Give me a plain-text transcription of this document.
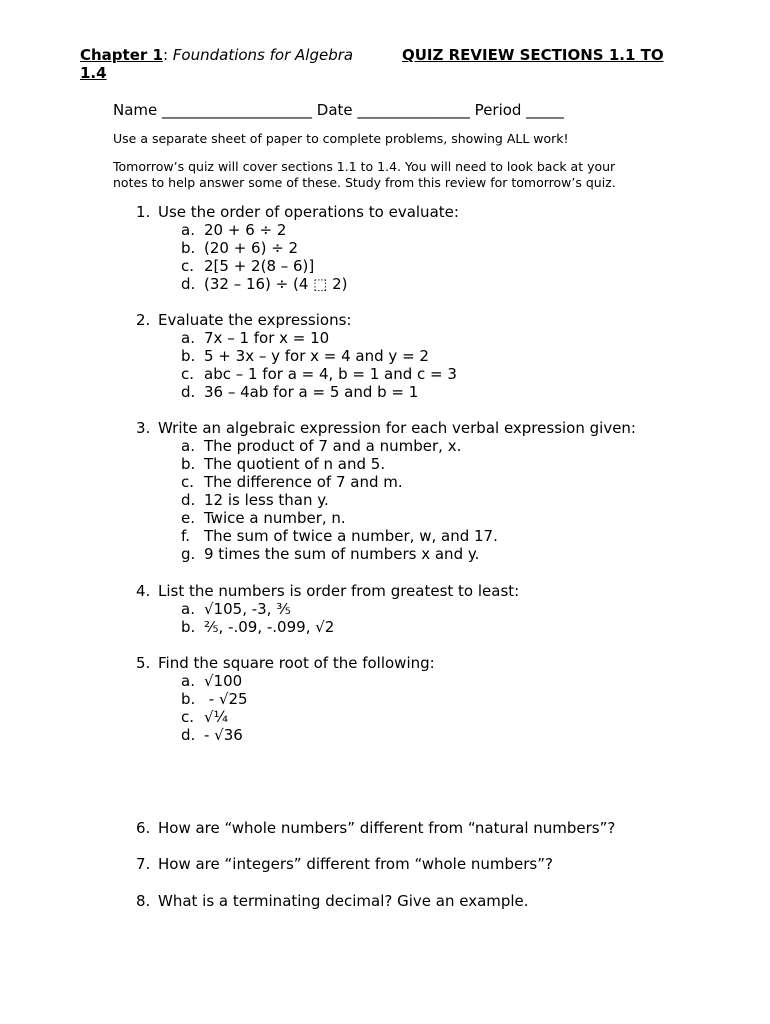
Chapter 1: Foundations for Algebra	QUIZ REVIEW SECTIONS 1.1 TO

1.4
Name ____________________ Date _______________ Period _____
Use a separate sheet of paper to complete problems, showing ALL work!
Tomorrow’s quiz will cover sections 1.1 to 1.4. You will need to look back at your
notes to help answer some of these. Study from this review for tomorrow’s quiz.
1. Use the order of operations to evaluate:
a. 20 + 6 ÷ 2
b. (20 + 6) ÷ 2
c. 2[5 + 2(8 – 6)]
d. (32 – 16) ÷ (4 ⬚ 2)
2. Evaluate the expressions:
a. 7x – 1 for x = 10
b. 5 + 3x – y for x = 4 and y = 2
c. abc – 1 for a = 4, b = 1 and c = 3
d. 36 – 4ab for a = 5 and b = 1
3. Write an algebraic expression for each verbal expression given:
a. The product of 7 and a number, x.
b. The quotient of n and 5.
c. The difference of 7 and m.
d. 12 is less than y.
e. Twice a number, n.
f. The sum of twice a number, w, and 17.
g. 9 times the sum of numbers x and y.
4. List the numbers is order from greatest to least:
a. √105, -3, ⅗
b. ⅖, -.09, -.099, √2
5. Find the square root of the following:
a. √100
b. - √25
c. √¼
d. - √36
6. How are “whole numbers” different from “natural numbers”?
7. How are “integers” different from “whole numbers”?
8. What is a terminating decimal? Give an example.
